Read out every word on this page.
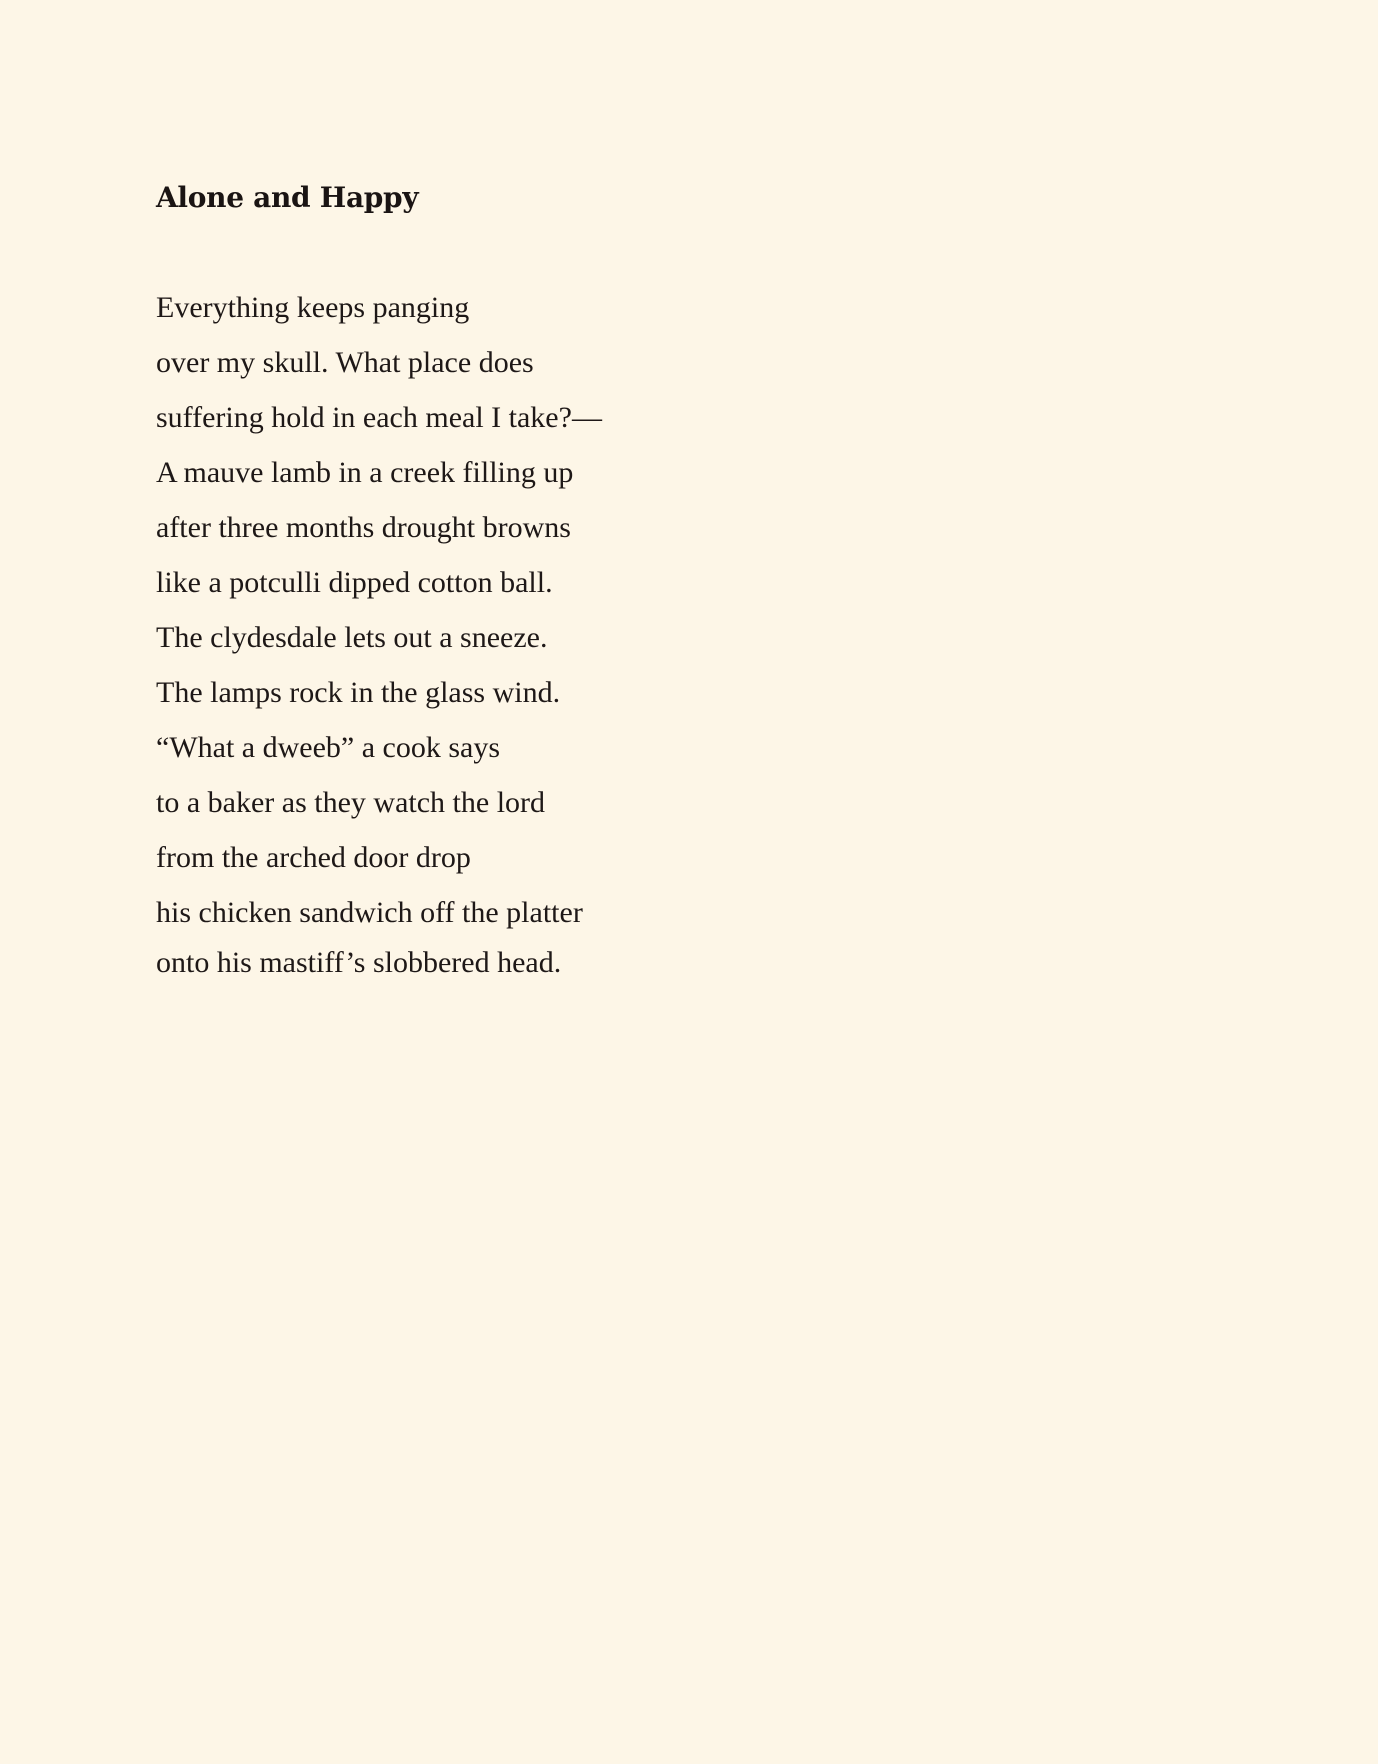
Alone and Happy
Everything keeps panging
over my skull. What place does
suffering hold in each meal I take?—
A mauve lamb in a creek filling up
after three months drought browns
like a potculli dipped cotton ball.
The clydesdale lets out a sneeze.
The lamps rock in the glass wind.
“What a dweeb” a cook says
to a baker as they watch the lord
from the arched door drop
his chicken sandwich off the platter
onto his mastiff’s slobbered head.
